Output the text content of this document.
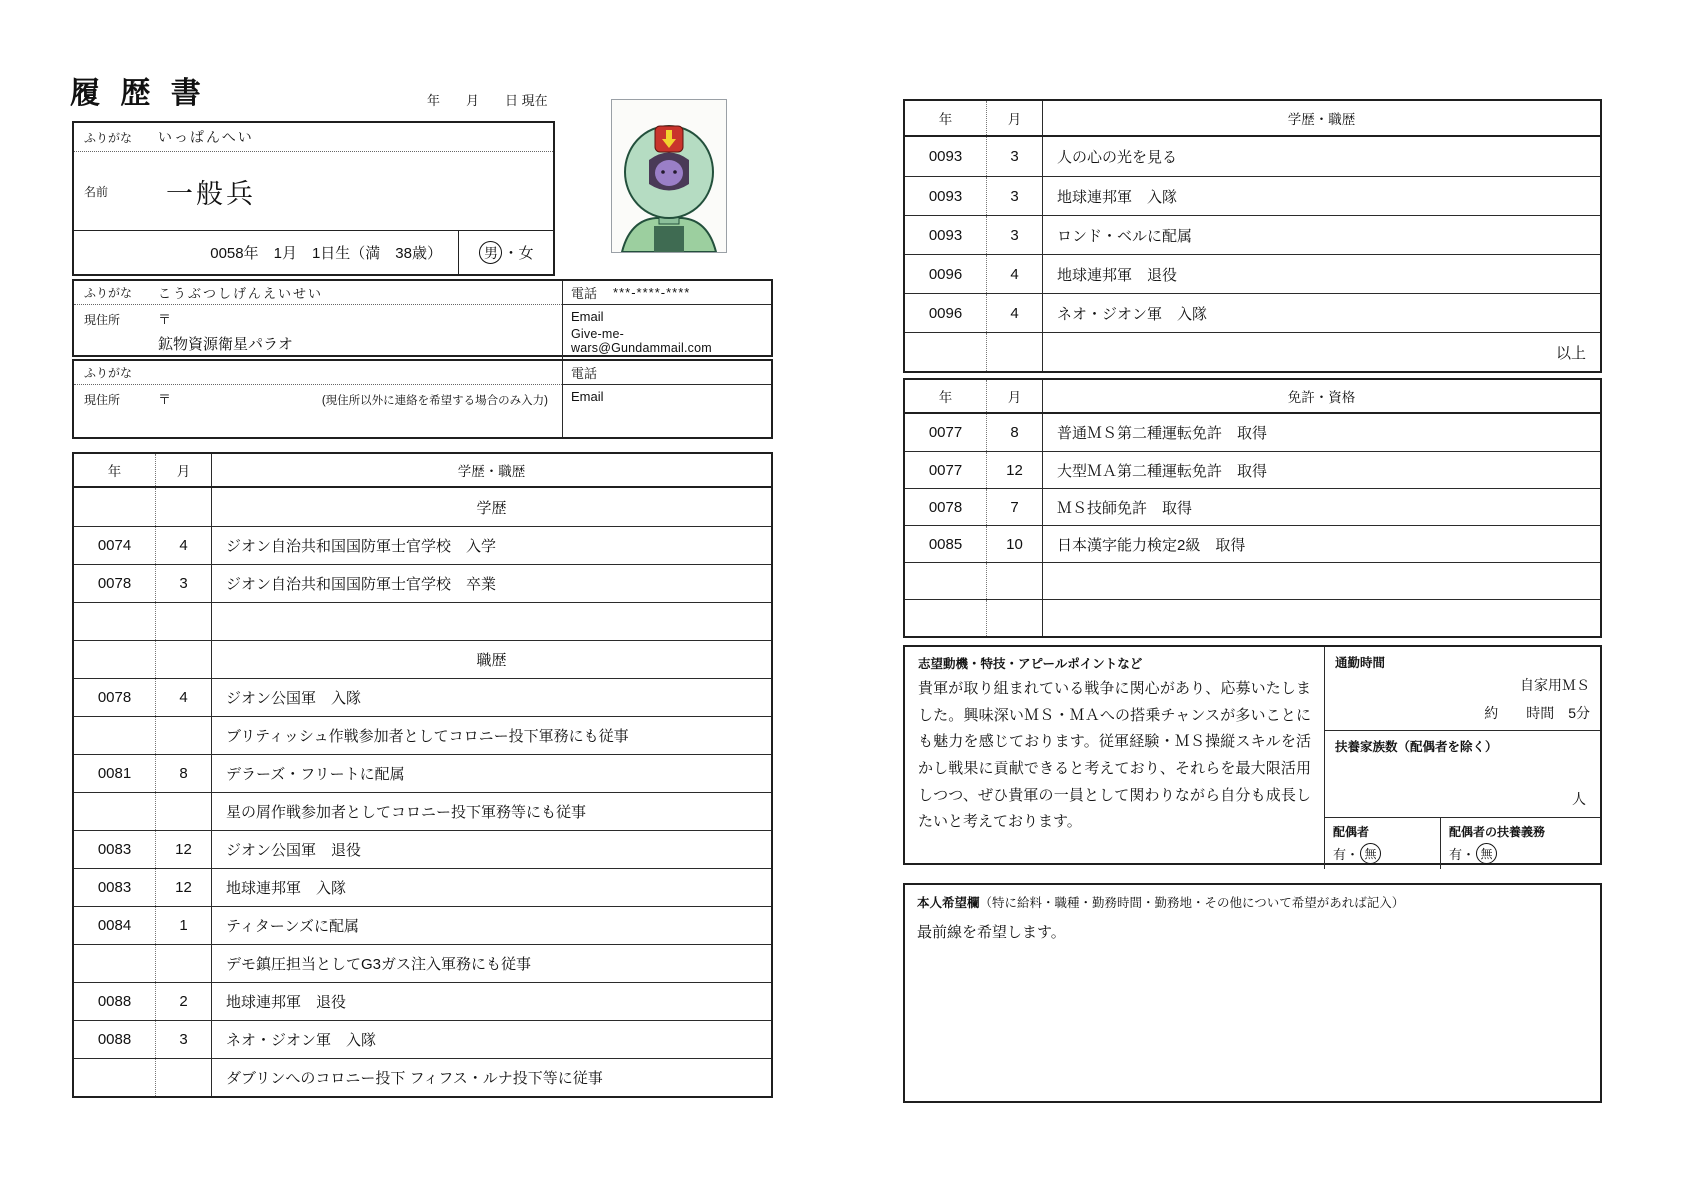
履歴書	年　　月　　日 現在
ふりがな	いっぱんへい
名前	一般兵
0058年　1月　1日生（満　38歳）	男 ・ 女
ふりがな	こうぶつしげんえいせい
現住所	〒
鉱物資源衛星パラオ
電話 ***-****-****
Email
Give-me-wars@Gundammail.com
ふりがな
現住所	〒	(現住所以外に連絡を希望する場合のみ入力)
電話
Email
年	月	学歴・職歴
学歴
0074	4	ジオン自治共和国国防軍士官学校　入学
0078	3	ジオン自治共和国国防軍士官学校　卒業
職歴
0078	4	ジオン公国軍　入隊
ブリティッシュ作戦参加者としてコロニー投下軍務にも従事
0081	8	デラーズ・フリートに配属
星の屑作戦参加者としてコロニー投下軍務等にも従事
0083	12	ジオン公国軍　退役
0083	12	地球連邦軍　入隊
0084	1	ティターンズに配属
デモ鎮圧担当としてG3ガス注入軍務にも従事
0088	2	地球連邦軍　退役
0088	3	ネオ・ジオン軍　入隊
ダブリンへのコロニー投下 フィフス・ルナ投下等に従事
年	月	学歴・職歴
0093	3	人の心の光を見る
0093	3	地球連邦軍　入隊
0093	3	ロンド・ベルに配属
0096	4	地球連邦軍　退役
0096	4	ネオ・ジオン軍　入隊
以上
年	月	免許・資格
0077	8	普通ＭＳ第二種運転免許　取得
0077	12	大型ＭＡ第二種運転免許　取得
0078	7	ＭＳ技師免許　取得
0085	10	日本漢字能力検定2級　取得
志望動機・特技・アピールポイントなど
貴軍が取り組まれている戦争に関心があり、応募いたしました。興味深いＭＳ・ＭＡへの搭乗チャンスが多いことにも魅力を感じております。従軍経験・ＭＳ操縦スキルを活かし戦果に貢献できると考えており、それらを最大限活用しつつ、ぜひ貴軍の一員として関わりながら自分も成長したいと考えております。
通勤時間
自家用ＭＳ
約　　時間　5分
扶養家族数（配偶者を除く）
人
配偶者
有・ 無
配偶者の扶養義務
有・ 無
本人希望欄（特に給料・職種・勤務時間・勤務地・その他について希望があれば記入）
最前線を希望します。
